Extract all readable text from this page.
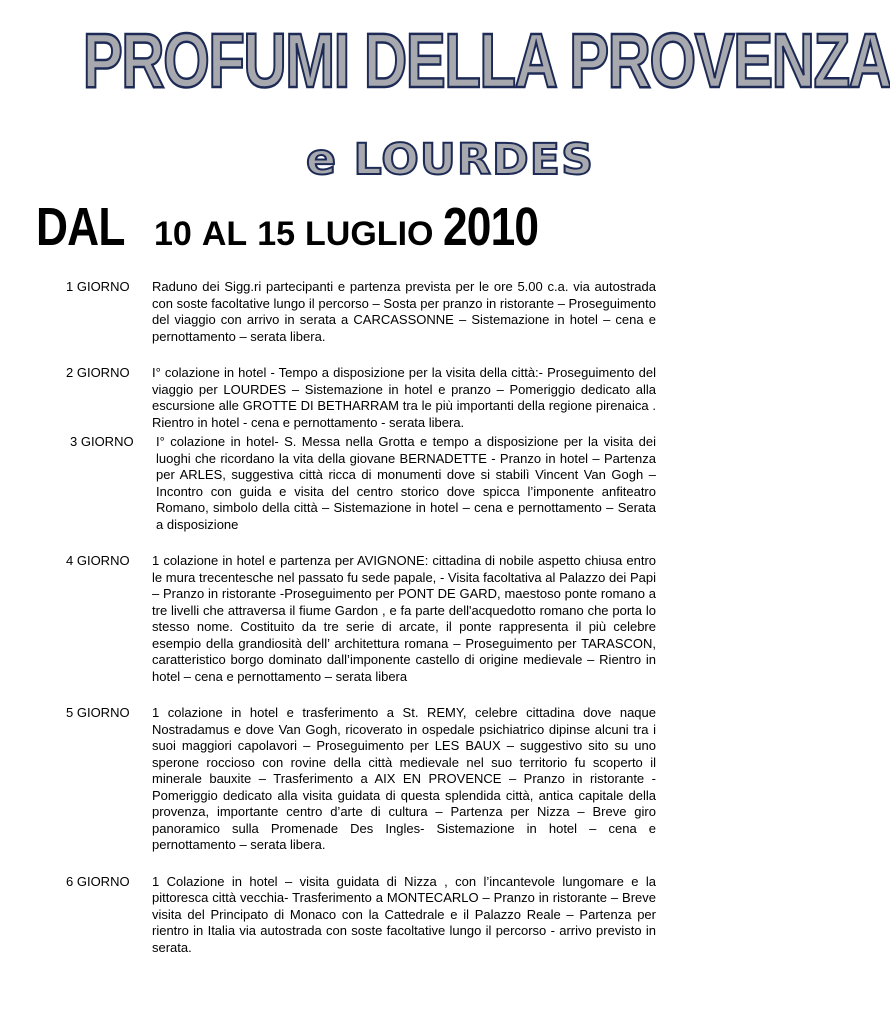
PROFUMI DELLA PROVENZA
e LOURDES
DAL 10 AL 15 LUGLIO 2010
1 GIORNO	Raduno dei Sigg.ri partecipanti e partenza prevista per le ore 5.00 c.a. via autostrada con soste facoltative lungo il percorso – Sosta per pranzo in ristorante – Proseguimento del viaggio con arrivo in serata a CARCASSONNE – Sistemazione in hotel – cena e pernottamento – serata libera.
2 GIORNO	I° colazione in hotel - Tempo a disposizione per la visita della città:- Proseguimento del viaggio per LOURDES – Sistemazione in hotel e pranzo – Pomeriggio dedicato alla escursione alle GROTTE DI BETHARRAM tra le più importanti della regione pirenaica . Rientro in hotel - cena e pernottamento - serata libera.
3 GIORNO	I° colazione in hotel- S. Messa nella Grotta e tempo a disposizione per la visita dei luoghi che ricordano la vita della giovane BERNADETTE - Pranzo in hotel – Partenza per ARLES, suggestiva città ricca di monumenti dove si stabilì Vincent Van Gogh – Incontro con guida e visita del centro storico dove spicca l’imponente anfiteatro Romano, simbolo della città – Sistemazione in hotel – cena e pernottamento – Serata a disposizione
4 GIORNO	1 colazione in hotel e partenza per AVIGNONE: cittadina di nobile aspetto chiusa entro le mura trecentesche nel passato fu sede papale, - Visita facoltativa al Palazzo dei Papi – Pranzo in ristorante -Proseguimento per PONT DE GARD, maestoso ponte romano a tre livelli che attraversa il fiume Gardon , e fa parte dell'acquedotto romano che porta lo stesso nome. Costituito da tre serie di arcate, il ponte rappresenta il più celebre esempio della grandiosità dell’ architettura romana – Proseguimento per TARASCON, caratteristico borgo dominato dall’imponente castello di origine medievale – Rientro in hotel – cena e pernottamento – serata libera
5 GIORNO	1 colazione in hotel e trasferimento a St. REMY, celebre cittadina dove naque Nostradamus e dove Van Gogh, ricoverato in ospedale psichiatrico dipinse alcuni tra i suoi maggiori capolavori – Proseguimento per LES BAUX – suggestivo sito su uno sperone roccioso con rovine della città medievale nel suo territorio fu scoperto il minerale bauxite – Trasferimento a AIX EN PROVENCE – Pranzo in ristorante - Pomeriggio dedicato alla visita guidata di questa splendida città, antica capitale della provenza, importante centro d’arte di cultura – Partenza per Nizza – Breve giro panoramico sulla Promenade Des Ingles- Sistemazione in hotel – cena e pernottamento – serata libera.
6 GIORNO	1 Colazione in hotel – visita guidata di Nizza , con l’incantevole lungomare e la pittoresca città vecchia- Trasferimento a MONTECARLO – Pranzo in ristorante – Breve visita del Principato di Monaco con la Cattedrale e il Palazzo Reale – Partenza per rientro in Italia via autostrada con soste facoltative lungo il percorso - arrivo previsto in serata.
